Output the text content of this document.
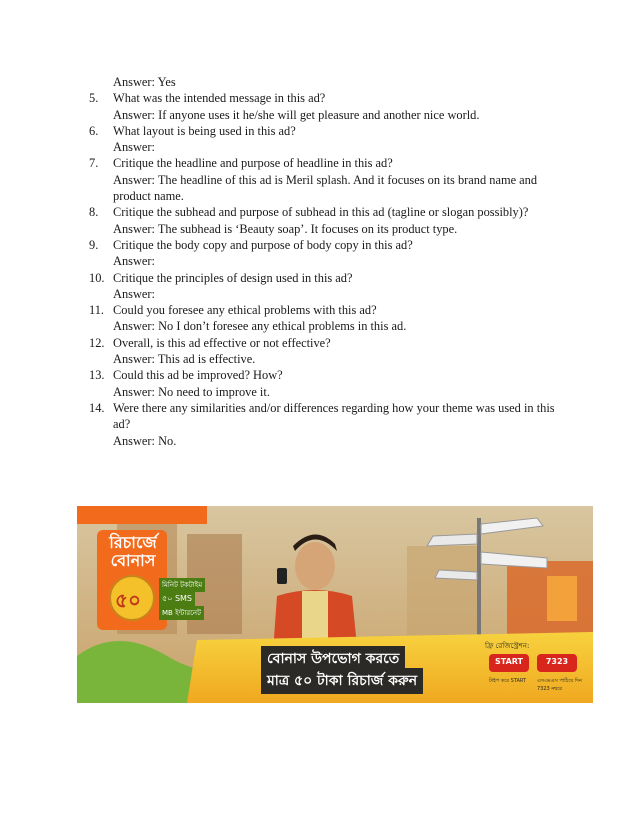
Answer: Yes
5.	What was the intended message in this ad?
Answer: If anyone uses it he/she will get pleasure and another nice world.
6.	What layout is being used in this ad?
Answer:
7.	Critique the headline and purpose of headline in this ad?
Answer: The headline of this ad is Meril splash. And it focuses on its brand name and product name.
8.	Critique the subhead and purpose of subhead in this ad (tagline or slogan possibly)?
Answer: The subhead is ‘Beauty soap’. It focuses on its product type.
9.	Critique the body copy and purpose of body copy in this ad?
Answer:
10. Critique the principles of design used in this ad?
Answer:
11. Could you foresee any ethical problems with this ad?
Answer: No I don’t foresee any ethical problems in this ad.
12. Overall, is this ad effective or not effective?
Answer: This ad is effective.
13. Could this ad be improved? How?
Answer: No need to improve it.
14. Were there any similarities and/or differences regarding how your theme was used in this ad?
Answer: No.
রিচার্জে বোনাস
৫০
মিনিট টকটাইম
৫০ SMS
MB ইন্টারনেট
বোনাস উপভোগ করতে
মাত্র ৫০ টাকা রিচার্জ করুন
ফ্রি রেজিস্ট্রেশন:
START	7323
টাইপ করে START	এসএমএস পাঠিয়ে দিন 7323 নম্বরে
